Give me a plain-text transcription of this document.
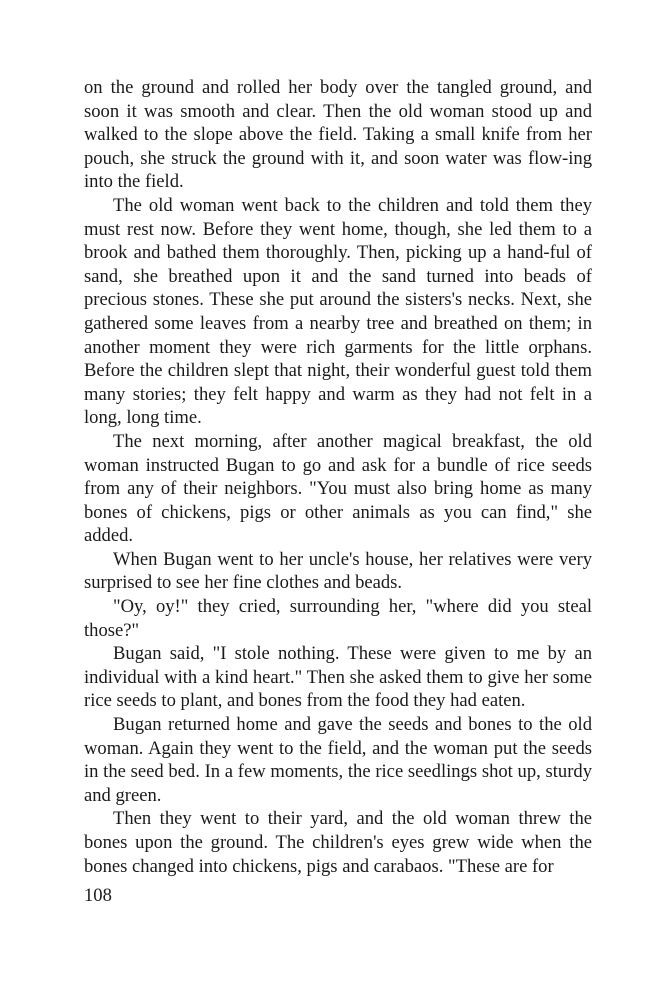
on the ground and rolled her body over the tangled ground, and soon it was smooth and clear. Then the old woman stood up and walked to the slope above the field. Taking a small knife from her pouch, she struck the ground with it, and soon water was flow-ing into the field.

The old woman went back to the children and told them they must rest now. Before they went home, though, she led them to a brook and bathed them thoroughly. Then, picking up a hand-ful of sand, she breathed upon it and the sand turned into beads of precious stones. These she put around the sisters's necks. Next, she gathered some leaves from a nearby tree and breathed on them; in another moment they were rich garments for the little orphans. Before the children slept that night, their wonderful guest told them many stories; they felt happy and warm as they had not felt in a long, long time.

The next morning, after another magical breakfast, the old woman instructed Bugan to go and ask for a bundle of rice seeds from any of their neighbors. "You must also bring home as many bones of chickens, pigs or other animals as you can find," she added.

When Bugan went to her uncle's house, her relatives were very surprised to see her fine clothes and beads.

"Oy, oy!" they cried, surrounding her, "where did you steal those?"

Bugan said, "I stole nothing. These were given to me by an individual with a kind heart." Then she asked them to give her some rice seeds to plant, and bones from the food they had eaten.

Bugan returned home and gave the seeds and bones to the old woman. Again they went to the field, and the woman put the seeds in the seed bed. In a few moments, the rice seedlings shot up, sturdy and green.

Then they went to their yard, and the old woman threw the bones upon the ground. The children's eyes grew wide when the bones changed into chickens, pigs and carabaos. "These are for

108
